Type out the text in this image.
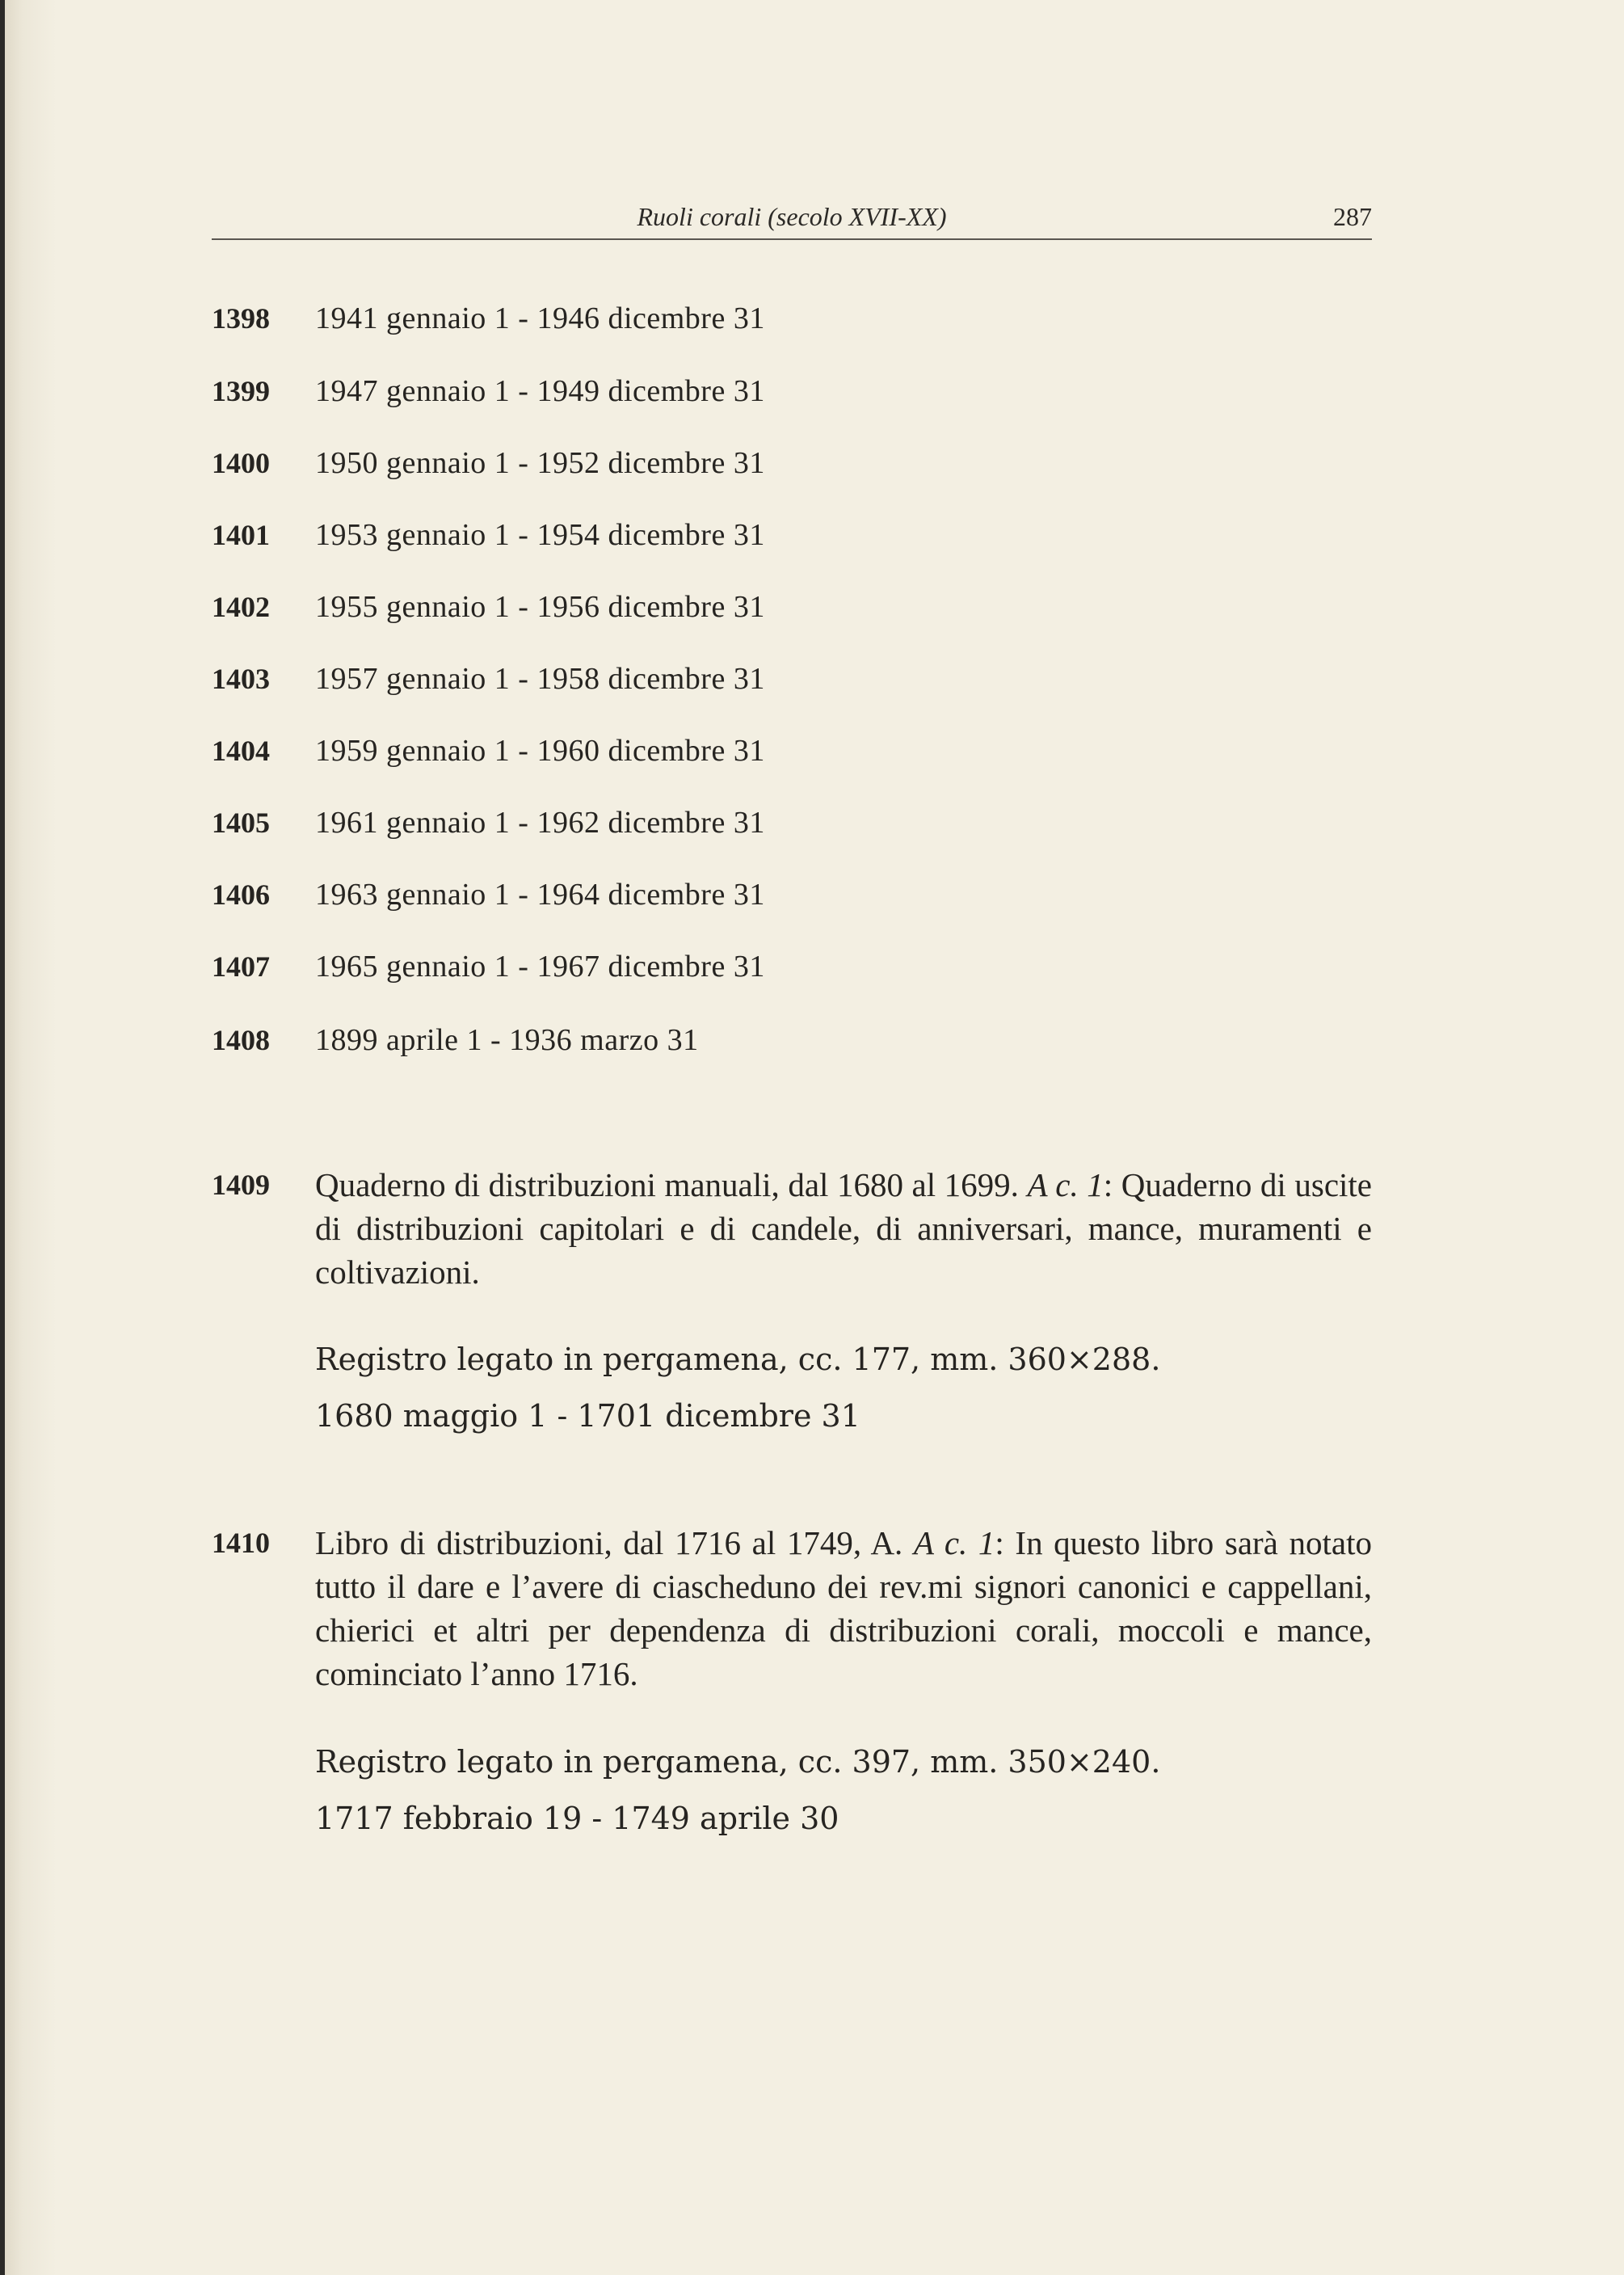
Ruoli corali (secolo XVII-XX)	287
1398 1941 gennaio 1 - 1946 dicembre 31
1399 1947 gennaio 1 - 1949 dicembre 31
1400 1950 gennaio 1 - 1952 dicembre 31
1401 1953 gennaio 1 - 1954 dicembre 31
1402 1955 gennaio 1 - 1956 dicembre 31
1403 1957 gennaio 1 - 1958 dicembre 31
1404 1959 gennaio 1 - 1960 dicembre 31
1405 1961 gennaio 1 - 1962 dicembre 31
1406 1963 gennaio 1 - 1964 dicembre 31
1407 1965 gennaio 1 - 1967 dicembre 31
1408 1899 aprile 1 - 1936 marzo 31
1409 Quaderno di distribuzioni manuali, dal 1680 al 1699. A c. 1: Quaderno di uscite di distribuzioni capitolari e di candele, di anniversari, mance, muramenti e coltivazioni.
Registro legato in pergamena, cc. 177, mm. 360×288.
1680 maggio 1 - 1701 dicembre 31
1410 Libro di distribuzioni, dal 1716 al 1749, A. A c. 1: In questo libro sarà notato tutto il dare e l’avere di ciascheduno dei rev.mi signori canonici e cappellani, chierici et altri per dependenza di distribuzioni corali, moccoli e mance, cominciato l’anno 1716.
Registro legato in pergamena, cc. 397, mm. 350×240.
1717 febbraio 19 - 1749 aprile 30
